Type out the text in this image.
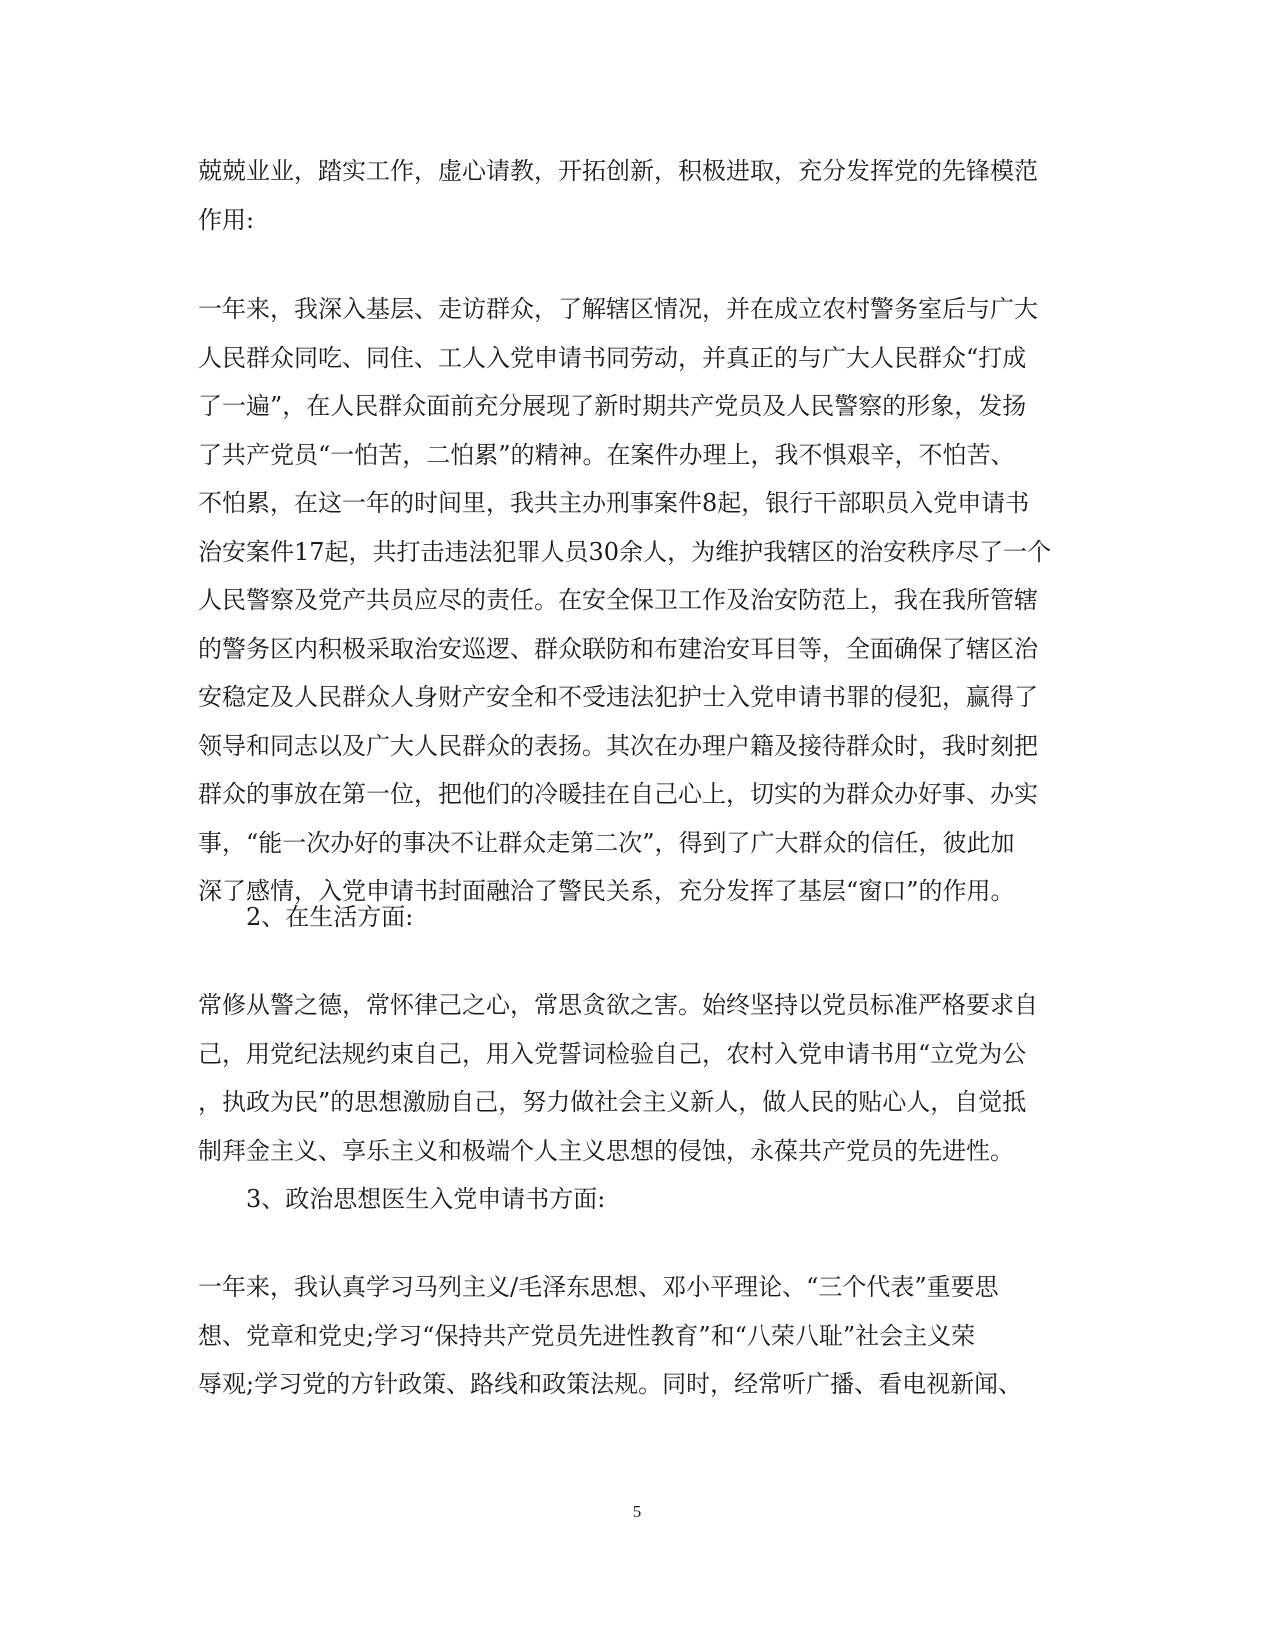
兢兢业业，踏实工作，虚心请教，开拓创新，积极进取，充分发挥党的先锋模范
作用:
一年来，我深入基层、走访群众，了解辖区情况，并在成立农村警务室后与广大
人民群众同吃、同住、工人入党申请书同劳动，并真正的与广大人民群众“打成
了一遍”，在人民群众面前充分展现了新时期共产党员及人民警察的形象，发扬
了共产党员“一怕苦，二怕累”的精神。在案件办理上，我不惧艰辛，不怕苦、
不怕累，在这一年的时间里，我共主办刑事案件8起，银行干部职员入党申请书
治安案件17起，共打击违法犯罪人员30余人，为维护我辖区的治安秩序尽了一个
人民警察及党产共员应尽的责任。在安全保卫工作及治安防范上，我在我所管辖
的警务区内积极采取治安巡逻、群众联防和布建治安耳目等，全面确保了辖区治
安稳定及人民群众人身财产安全和不受违法犯护士入党申请书罪的侵犯，赢得了
领导和同志以及广大人民群众的表扬。其次在办理户籍及接待群众时，我时刻把
群众的事放在第一位，把他们的冷暖挂在自己心上，切实的为群众办好事、办实
事，“能一次办好的事决不让群众走第二次”，得到了广大群众的信任，彼此加
深了感情，入党申请书封面融洽了警民关系，充分发挥了基层“窗口”的作用。
2、在生活方面:
常修从警之德，常怀律己之心，常思贪欲之害。始终坚持以党员标准严格要求自
己，用党纪法规约束自己，用入党誓词检验自己，农村入党申请书用“立党为公
，执政为民”的思想激励自己，努力做社会主义新人，做人民的贴心人，自觉抵
制拜金主义、享乐主义和极端个人主义思想的侵蚀，永葆共产党员的先进性。
3、政治思想医生入党申请书方面:
一年来，我认真学习马列主义/毛泽东思想、邓小平理论、“三个代表”重要思
想、党章和党史;学习“保持共产党员先进性教育”和“八荣八耻”社会主义荣
辱观;学习党的方针政策、路线和政策法规。同时，经常听广播、看电视新闻、
5
